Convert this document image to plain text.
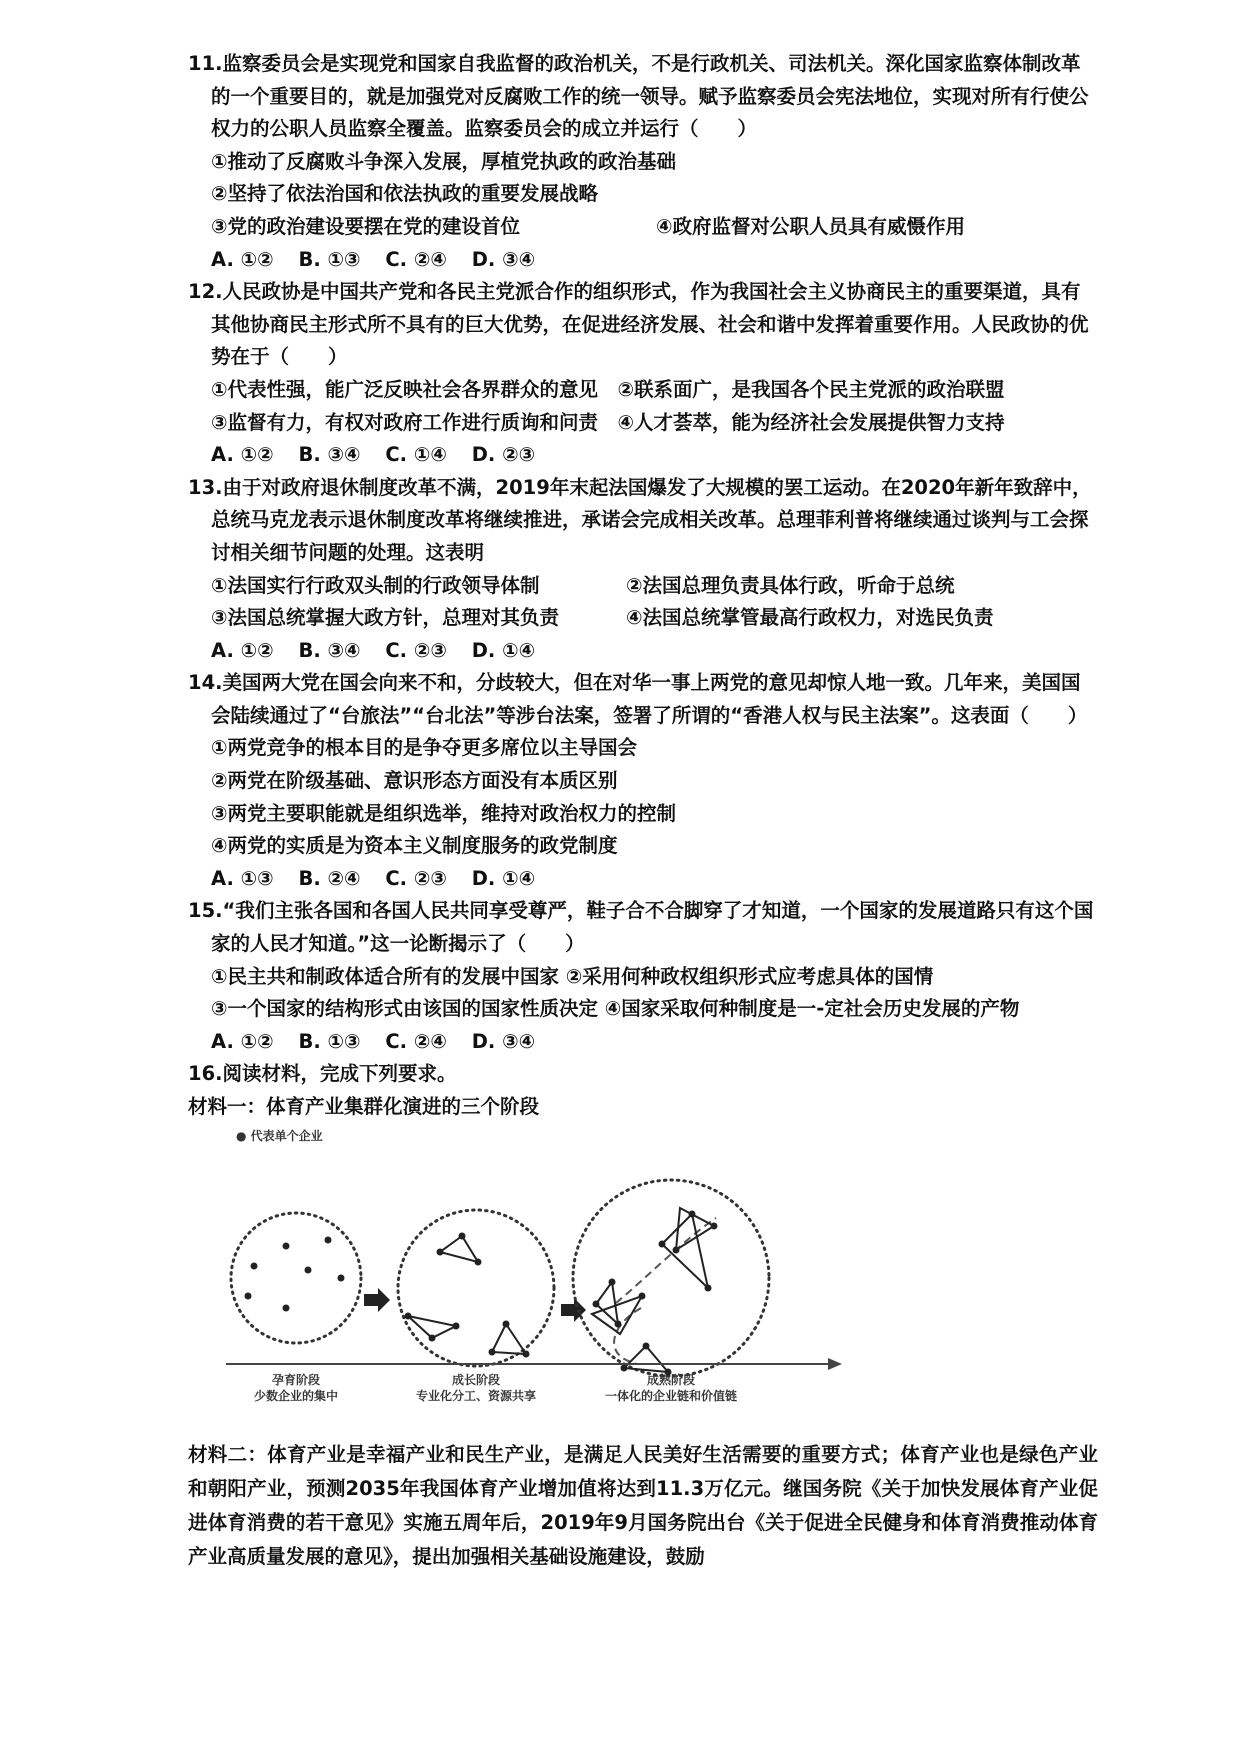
11.监察委员会是实现党和国家自我监督的政治机关，不是行政机关、司法机关。深化国家监察体制改革的一个重要目的，就是加强党对反腐败工作的统一领导。赋予监察委员会宪法地位，实现对所有行使公权力的公职人员监察全覆盖。监察委员会的成立并运行（　　）
①推动了反腐败斗争深入发展，厚植党执政的政治基础
②坚持了依法治国和依法执政的重要发展战略
③党的政治建设要摆在党的建设首位	④政府监督对公职人员具有威慑作用
A. ①② B. ①③ C. ②④ D. ③④
12.人民政协是中国共产党和各民主党派合作的组织形式，作为我国社会主义协商民主的重要渠道，具有其他协商民主形式所不具有的巨大优势，在促进经济发展、社会和谐中发挥着重要作用。人民政协的优势在于（　　）
①代表性强，能广泛反映社会各界群众的意见　②联系面广，是我国各个民主党派的政治联盟
③监督有力，有权对政府工作进行质询和问责　④人才荟萃，能为经济社会发展提供智力支持
A. ①② B. ③④ C. ①④ D. ②③
13.由于对政府退休制度改革不满，2019年末起法国爆发了大规模的罢工运动。在2020年新年致辞中，总统马克龙表示退休制度改革将继续推进，承诺会完成相关改革。总理菲利普将继续通过谈判与工会探讨相关细节问题的处理。这表明
①法国实行行政双头制的行政领导体制	②法国总理负责具体行政，听命于总统
③法国总统掌握大政方针，总理对其负责	④法国总统掌管最高行政权力，对选民负责
A. ①② B. ③④ C. ②③ D. ①④
14.美国两大党在国会向来不和，分歧较大，但在对华一事上两党的意见却惊人地一致。几年来，美国国会陆续通过了“台旅法”“台北法”等涉台法案，签署了所谓的“香港人权与民主法案”。这表面（　　）
①两党竞争的根本目的是争夺更多席位以主导国会
②两党在阶级基础、意识形态方面没有本质区别
③两党主要职能就是组织选举，维持对政治权力的控制
④两党的实质是为资本主义制度服务的政党制度
A. ①③ B. ②④ C. ②③ D. ①④
15.“我们主张各国和各国人民共同享受尊严，鞋子合不合脚穿了才知道，一个国家的发展道路只有这个国家的人民才知道。”这一论断揭示了（　　）
①民主共和制政体适合所有的发展中国家 ②采用何种政权组织形式应考虑具体的国情
③一个国家的结构形式由该国的国家性质决定 ④国家采取何种制度是一-定社会历史发展的产物
A. ①② B. ①③ C. ②④ D. ③④
16.阅读材料，完成下列要求。
材料一：体育产业集群化演进的三个阶段
● 代表单个企业
孕育阶段
少数企业的集中
成长阶段
专业化分工、资源共享
成熟阶段
一体化的企业链和价值链
材料二：体育产业是幸福产业和民生产业，是满足人民美好生活需要的重要方式；体育产业也是绿色产业和朝阳产业，预测2035年我国体育产业增加值将达到11.3万亿元。继国务院《关于加快发展体育产业促进体育消费的若干意见》实施五周年后，2019年9月国务院出台《关于促进全民健身和体育消费推动体育产业高质量发展的意见》，提出加强相关基础设施建设，鼓励
